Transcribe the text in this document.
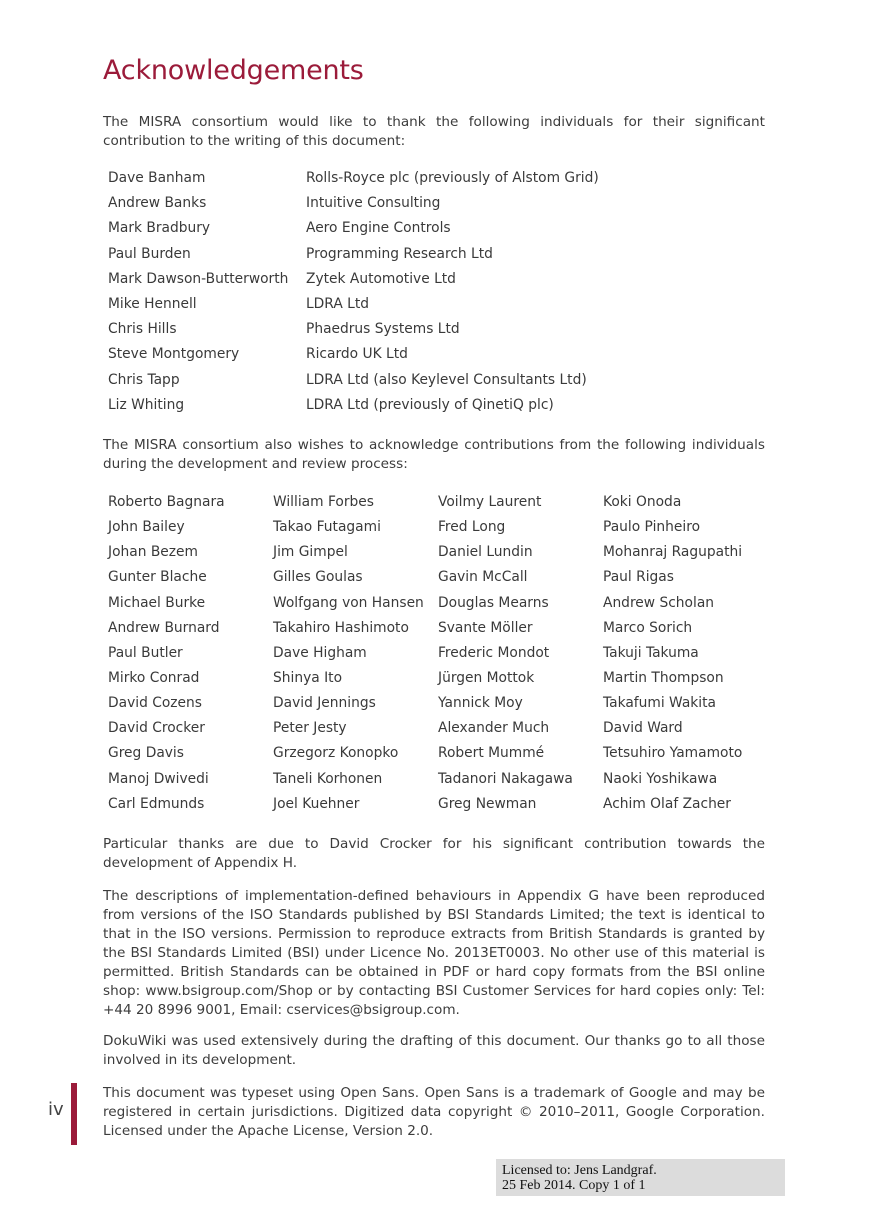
Acknowledgements

The MISRA consortium would like to thank the following individuals for their significant contribution to the writing of this document:

Dave Banham	Rolls-Royce plc (previously of Alstom Grid)
Andrew Banks	Intuitive Consulting
Mark Bradbury	Aero Engine Controls
Paul Burden	Programming Research Ltd
Mark Dawson-Butterworth	Zytek Automotive Ltd
Mike Hennell	LDRA Ltd
Chris Hills	Phaedrus Systems Ltd
Steve Montgomery	Ricardo UK Ltd
Chris Tapp	LDRA Ltd (also Keylevel Consultants Ltd)
Liz Whiting	LDRA Ltd (previously of QinetiQ plc)

The MISRA consortium also wishes to acknowledge contributions from the following individuals during the development and review process:

Roberto Bagnara	William Forbes	Voilmy Laurent	Koki Onoda
John Bailey	Takao Futagami	Fred Long	Paulo Pinheiro
Johan Bezem	Jim Gimpel	Daniel Lundin	Mohanraj Ragupathi
Gunter Blache	Gilles Goulas	Gavin McCall	Paul Rigas
Michael Burke	Wolfgang von Hansen	Douglas Mearns	Andrew Scholan
Andrew Burnard	Takahiro Hashimoto	Svante Möller	Marco Sorich
Paul Butler	Dave Higham	Frederic Mondot	Takuji Takuma
Mirko Conrad	Shinya Ito	Jürgen Mottok	Martin Thompson
David Cozens	David Jennings	Yannick Moy	Takafumi Wakita
David Crocker	Peter Jesty	Alexander Much	David Ward
Greg Davis	Grzegorz Konopko	Robert Mummé	Tetsuhiro Yamamoto
Manoj Dwivedi	Taneli Korhonen	Tadanori Nakagawa	Naoki Yoshikawa
Carl Edmunds	Joel Kuehner	Greg Newman	Achim Olaf Zacher

Particular thanks are due to David Crocker for his significant contribution towards the development of Appendix H.

The descriptions of implementation-defined behaviours in Appendix G have been reproduced from versions of the ISO Standards published by BSI Standards Limited; the text is identical to that in the ISO versions. Permission to reproduce extracts from British Standards is granted by the BSI Standards Limited (BSI) under Licence No. 2013ET0003. No other use of this material is permitted. British Standards can be obtained in PDF or hard copy formats from the BSI online shop: www.bsigroup.com/Shop or by contacting BSI Customer Services for hard copies only: Tel: +44 20 8996 9001, Email: cservices@bsigroup.com.

DokuWiki was used extensively during the drafting of this document. Our thanks go to all those involved in its development.

iv

This document was typeset using Open Sans. Open Sans is a trademark of Google and may be registered in certain jurisdictions. Digitized data copyright © 2010–2011, Google Corporation. Licensed under the Apache License, Version 2.0.

Licensed to: Jens Landgraf.
25 Feb 2014. Copy 1 of 1
